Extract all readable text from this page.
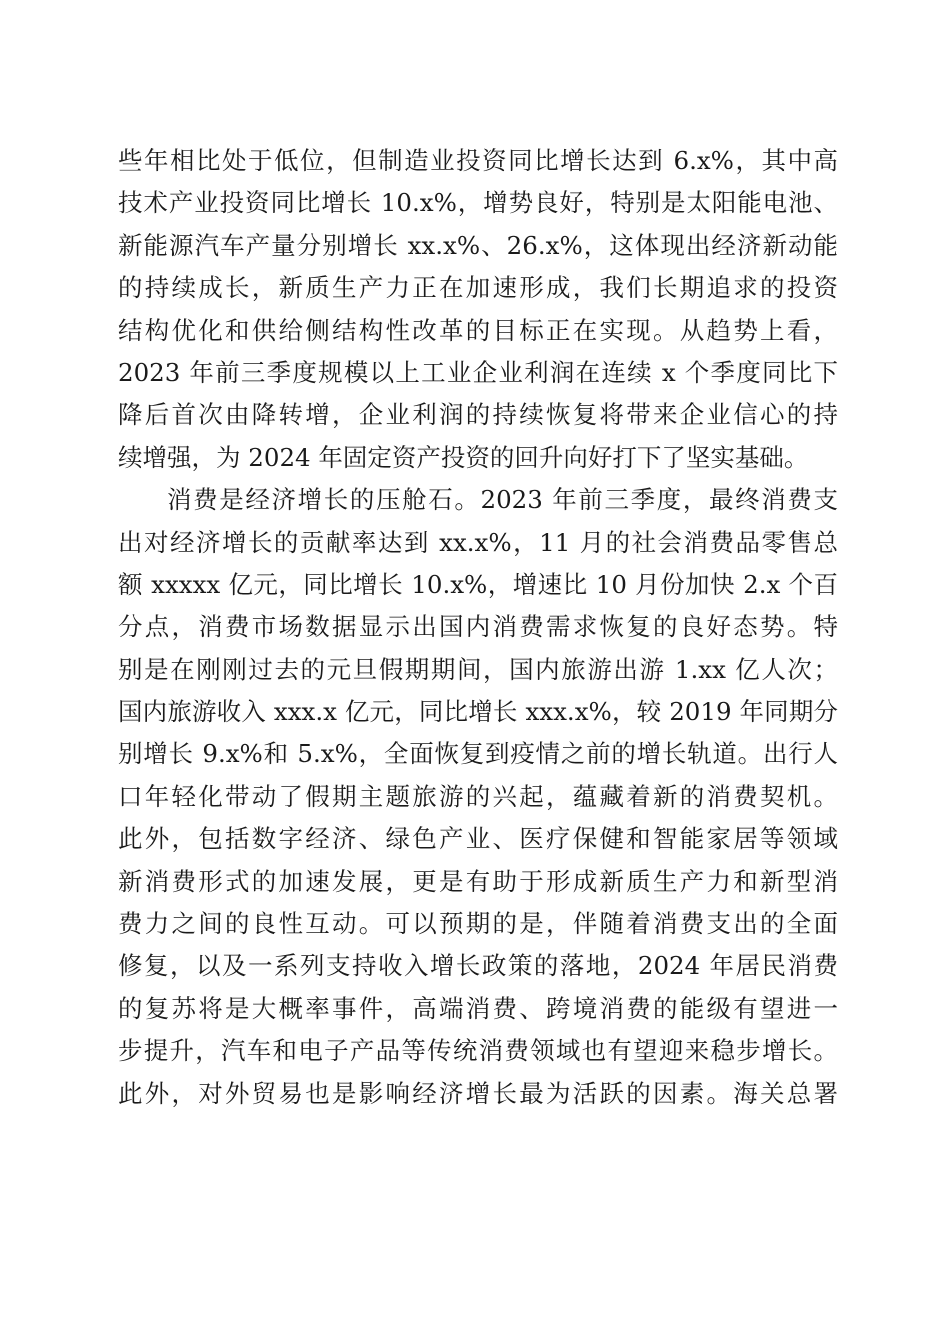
些年相比处于低位，但制造业投资同比增长达到 6.x%，其中高
技术产业投资同比增长 10.x%，增势良好，特别是太阳能电池、
新能源汽车产量分别增长 xx.x%、26.x%，这体现出经济新动能
的持续成长，新质生产力正在加速形成，我们长期追求的投资
结构优化和供给侧结构性改革的目标正在实现。从趋势上看，
2023 年前三季度规模以上工业企业利润在连续 x 个季度同比下
降后首次由降转增，企业利润的持续恢复将带来企业信心的持
续增强，为 2024 年固定资产投资的回升向好打下了坚实基础。
消费是经济增长的压舱石。2023 年前三季度，最终消费支
出对经济增长的贡献率达到 xx.x%，11 月的社会消费品零售总
额 xxxxx 亿元，同比增长 10.x%，增速比 10 月份加快 2.x 个百
分点，消费市场数据显示出国内消费需求恢复的良好态势。特
别是在刚刚过去的元旦假期期间，国内旅游出游 1.xx 亿人次；
国内旅游收入 xxx.x 亿元，同比增长 xxx.x%，较 2019 年同期分
别增长 9.x%和 5.x%，全面恢复到疫情之前的增长轨道。出行人
口年轻化带动了假期主题旅游的兴起，蕴藏着新的消费契机。
此外，包括数字经济、绿色产业、医疗保健和智能家居等领域
新消费形式的加速发展，更是有助于形成新质生产力和新型消
费力之间的良性互动。可以预期的是，伴随着消费支出的全面
修复，以及一系列支持收入增长政策的落地，2024 年居民消费
的复苏将是大概率事件，高端消费、跨境消费的能级有望进一
步提升，汽车和电子产品等传统消费领域也有望迎来稳步增长。
此外，对外贸易也是影响经济增长最为活跃的因素。海关总署
